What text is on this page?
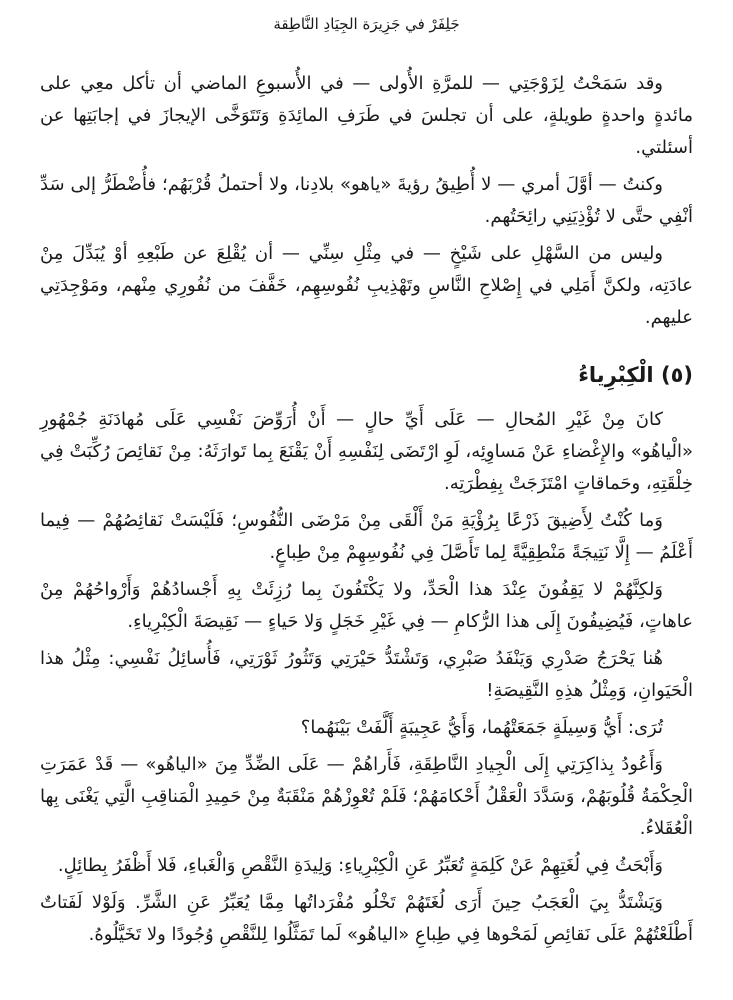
جَلِفَرْ في جَزِيرَة الجِيَادِ النَّاطِقة

وقد سَمَحْتُ لِزَوْجَتِي — للمرَّةِ الأُولى — في الأُسبوعِ الماضي أن تأكل معِي على مائدةٍ واحدةٍ طويلةٍ، على أن تجلسَ في طَرَفِ المائِدَةِ وَتَتَوَخَّى الإيجازَ في إجابَتِها عن أسئلتي.

وكنتُ — أوَّلَ أمري — لا أُطِيقُ رؤيةَ «ياهو» بلادِنا، ولا أحتملُ قُرْبَهُم؛ فأُضْطَرُّ إلى سَدِّ أنْفِي حتَّى لا تُؤْذِيَنِي رائِحَتُهم.

وليس من السَّهْلِ على شَيْخٍ — في مِثْلِ سِنِّي — أن يُقْلِعَ عن طَبْعِهِ أوْ يُبَدِّلَ مِنْ عادَتِه، ولكنَّ أَمَلِي في إِصْلاحِ النَّاسِ وتَهْذِيبِ نُفُوسِهِم، خَفَّفَ من نُفُورِي مِنْهم، ومَوْجِدَتِي عليهم.

(٥) الْكِبْرِياءُ

كانَ مِنْ غَيْرِ المُحالِ — عَلَى أَيِّ حالٍ — أَنْ أُرَوِّضَ نَفْسِي عَلَى مُهادَنَةِ جُمْهُورِ «الْياهُو» والإِغْضاءِ عَنْ مَساوِئِه، لَوِ ارْتَضَى لِنَفْسِهِ أَنْ يَقْنَعَ بِما تَوارَثَهُ: مِنْ نَقائِصَ رُكِّبَتْ فِي خِلْقَتِهِ، وحَماقاتٍ امْتَزَجَتْ بِفِطْرَتِه.

وَما كُنْتُ لِأَضِيقَ ذَرْعًا بِرُؤْيَةِ مَنْ أَلْقَى مِنْ مَرْضَى النُّفُوسِ؛ فَلَيْسَتْ نَقائِصُهُمْ — فِيما أَعْلَمُ — إِلَّا نَتِيجَةً مَنْطِقِيَّةً لِما تَأَصَّلَ فِي نُفُوسِهِمْ مِنْ طِباعٍ.

وَلكِنَّهُمْ لا يَقِفُونَ عِنْدَ هذا الْحَدِّ، ولا يَكْتَفُونَ بِما رُزِئَتْ بِهِ أَجْسادُهُمْ وَأَرْواحُهُمْ مِنْ عاهاتٍ، فَيُضِيفُونَ إِلَى هذا الرُّكامِ — فِي غَيْرِ خَجَلٍ وَلا حَياءٍ — نَقِيصَةَ الْكِبْرِياءِ.

هُنا يَحْرَجُ صَدْرِي وَيَنْفَدُ صَبْرِي، وَتَشْتَدُّ حَيْرَتِي وَتَثُورُ ثَوْرَتِي، فَأُسائِلُ نَفْسِي: مِثْلُ هذا الْحَيَوانِ، وَمِثْلُ هذِهِ النَّقِيصَةِ!

تُرَى: أَيُّ وَسِيلَةٍ جَمَعَتْهُما، وَأَيُّ عَجِيبَةٍ أَلَّفَتْ بَيْنَهُما؟

وَأَعُودُ بِذاكِرَتِي إِلَى الْجِيادِ النَّاطِقَةِ، فَأَراهُمْ — عَلَى الضِّدِّ مِنَ «الياهُو» — قَدْ عَمَرَتِ الْحِكْمَةُ قُلُوبَهُمْ، وَسَدَّدَ الْعَقْلُ أَحْكامَهُمْ؛ فَلَمْ تُعْوِزْهُمْ مَنْقَبَةٌ مِنْ حَمِيدِ الْمَناقِبِ الَّتِي يَغْنَى بِها الْعُقَلاءُ.

وَأَبْحَثُ فِي لُغَتِهِمْ عَنْ كَلِمَةٍ تُعَبِّرُ عَنِ الْكِبْرِياءِ: وَلِيدَةِ النَّقْصِ وَالْغَباءِ، فَلا أَظْفَرُ بِطائِلٍ.

وَيَشْتَدُّ بِيَ الْعَجَبُ حِينَ أَرَى لُغَتَهُمْ تَخْلُو مُفْرَداتُها مِمَّا يُعَبِّرُ عَنِ الشَّرِّ. وَلَوْلا لَفَتاتٌ أَطْلَعْتُهُمْ عَلَى نَقائِصِ لَمَحْوها فِي طِباعِ «الياهُو» لَما تَمَثَّلُوا لِلنَّقْصِ وُجُودًا ولا تَخَيَّلُوهُ.
